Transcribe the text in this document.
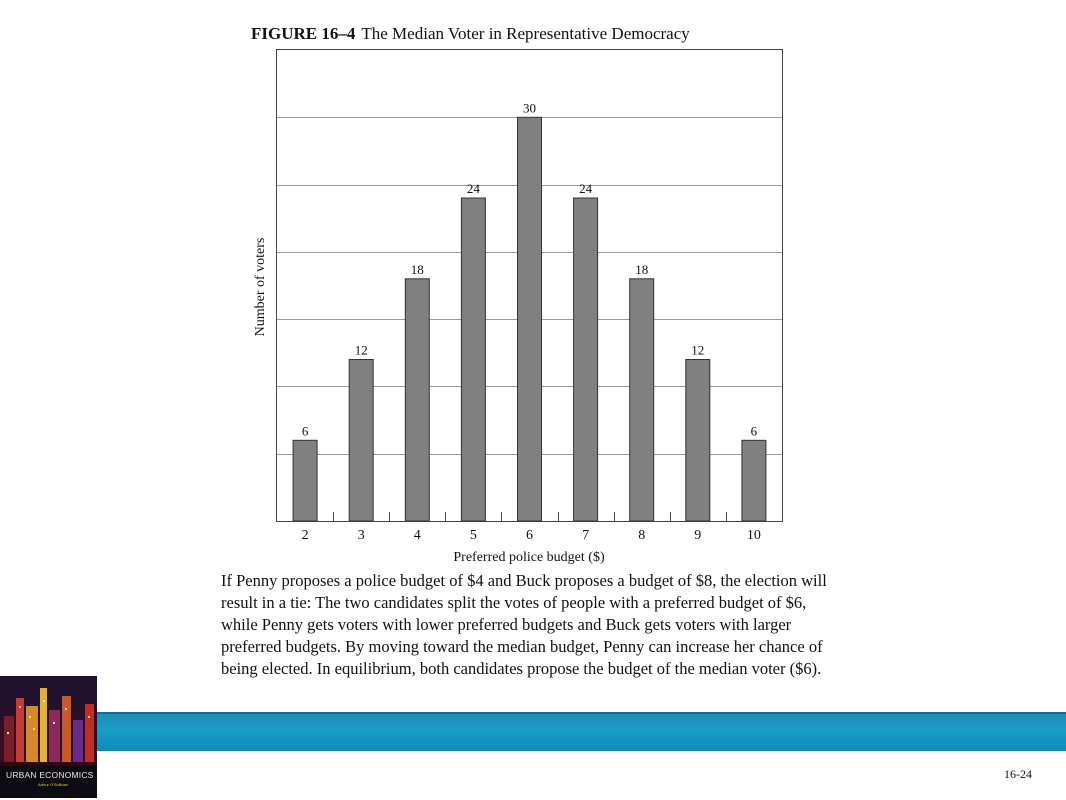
FIGURE 16–4 The Median Voter in Representative Democracy
6
12
18
24
30
24
18
12
6
2	3	4	5	6	7	8	9	10
Preferred police budget ($)
Number of voters

If Penny proposes a police budget of $4 and Buck proposes a budget of $8, the election will result in a tie: The two candidates split the votes of people with a preferred budget of $6, while Penny gets voters with lower preferred budgets and Buck gets voters with larger preferred budgets. By moving toward the median budget, Penny can increase her chance of being elected. In equilibrium, both candidates propose the budget of the median voter ($6).

URBAN ECONOMICS
Arthur O'Sullivan
16-24
